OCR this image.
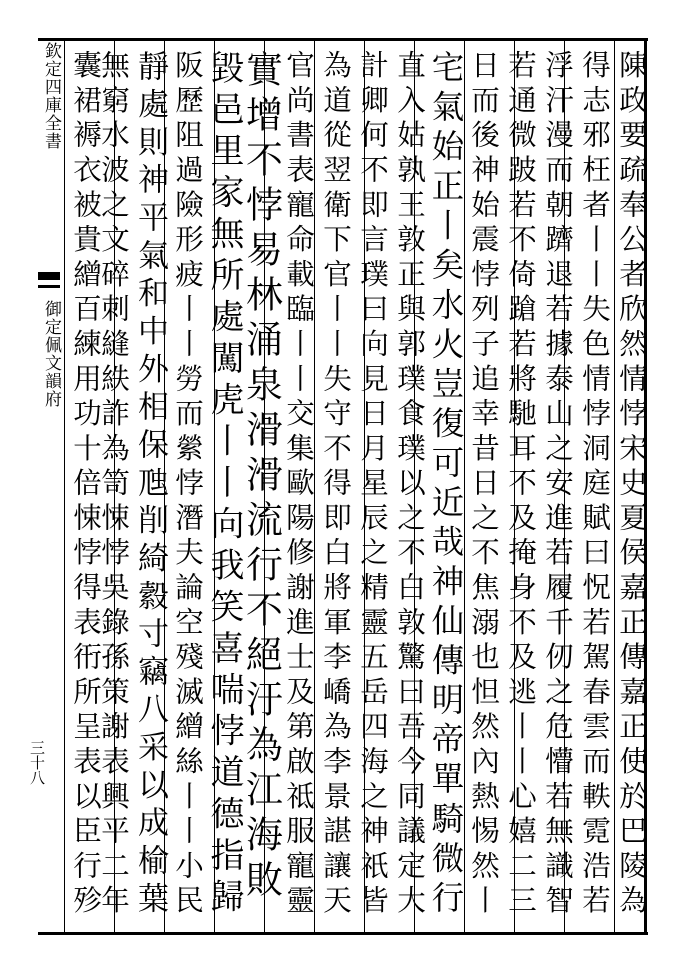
欽定四庫全書
御定佩文韻府
三十八	陳政要疏奉公者欣然情悖宋史夏侯嘉正傳嘉正使於巴陵為
得志邪枉者丨丨失色情悖洞庭賦曰怳若駕春雲而軼霓浩若
浮汗漫而朝躋退若據泰山之安進若履千仞之危懵若無識智
若通微跛若不倚蹌若將馳耳不及掩身不及逃丨丨心嬉二三
日而後神始震悖列子追幸昔日之不焦溺也怛然內熱惕然丨
宅氣始正丨矣水火豈復可近哉神仙傳明帝單騎微行
直入姑孰王敦正與郭璞食璞以之不白敦驚曰吾今同議定大
計卿何不即言璞曰向見日月星辰之精靈五岳四海之神祇皆
為道從翌衛下官丨丨失守不得即白將軍李嶠為李景諶讓天
官尚書表寵命載臨丨丨交集歐陽修謝進士及第啟祗服寵靈
實增不悖易林涌泉滑滑流行不絕汙為江海敗
毀邑里家無所處闖虎丨丨向我笑喜喘悖道德指歸
阪歷阻過險形疲丨丨勞而縈悖潛夫論空殘滅繒絲丨丨小民
靜處則神平氣和中外相保虺削綺縠寸竊八采以成榆葉
無窮水波之文碎刺縫紩詐為笥悚悖吳錄孫策謝表興平二年
囊裙褥衣被貴繒百練用功十倍悚悖得表衎所呈表以臣行殄
